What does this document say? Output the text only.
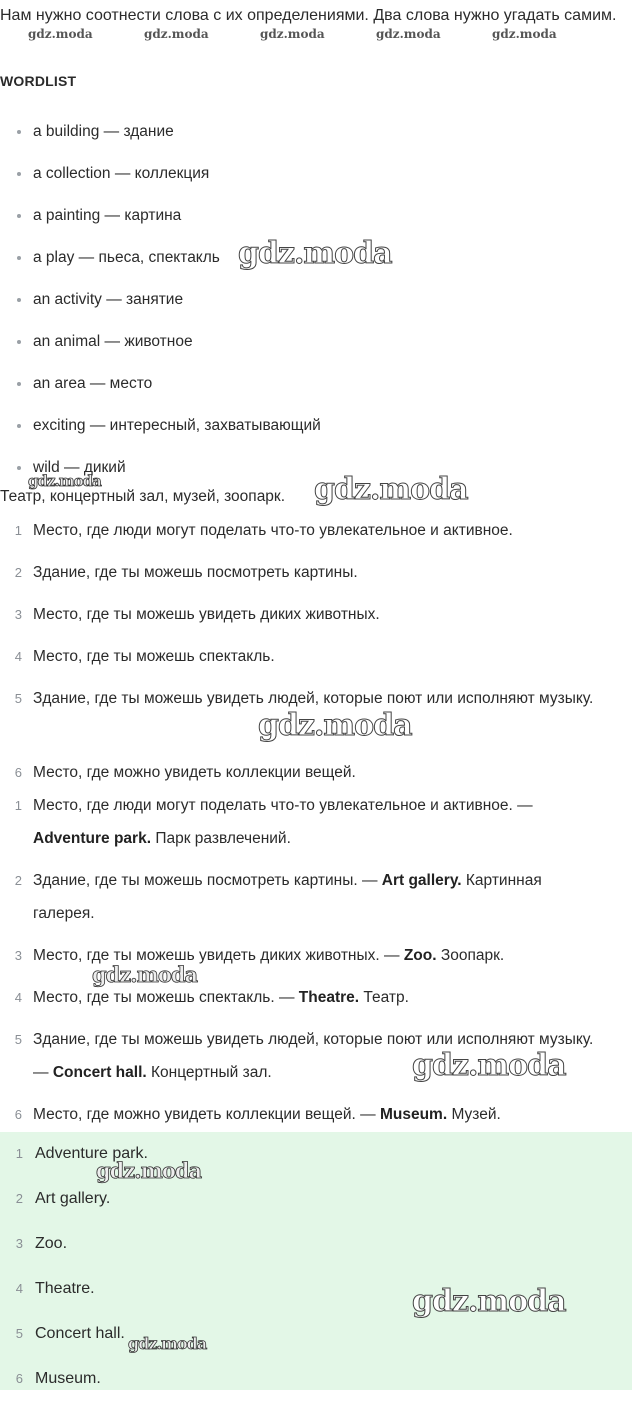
Нам нужно соотнести слова с их определениями. Два слова нужно угадать самим.
WORDLIST
a building — здание
a collection — коллекция
a painting — картина
a play — пьеса, спектакль
an activity — занятие
an animal — животное
an area — место
exciting — интересный, захватывающий
wild — дикий
Театр, концертный зал, музей, зоопарк.
1 Место, где люди могут поделать что-то увлекательное и активное.
2 Здание, где ты можешь посмотреть картины.
3 Место, где ты можешь увидеть диких животных.
4 Место, где ты можешь спектакль.
5 Здание, где ты можешь увидеть людей, которые поют или исполняют музыку.
6 Место, где можно увидеть коллекции вещей.
1 Место, где люди могут поделать что-то увлекательное и активное. — Adventure park. Парк развлечений.
2 Здание, где ты можешь посмотреть картины. — Art gallery. Картинная галерея.
3 Место, где ты можешь увидеть диких животных. — Zoo. Зоопарк.
4 Место, где ты можешь спектакль. — Theatre. Театр.
5 Здание, где ты можешь увидеть людей, которые поют или исполняют музыку. — Concert hall. Концертный зал.
6 Место, где можно увидеть коллекции вещей. — Museum. Музей.
1 Adventure park.
2 Art gallery.
3 Zoo.
4 Theatre.
5 Concert hall.
6 Museum.
gdz.moda	gdz.moda	gdz.moda	gdz.moda	gdz.moda
gdz.moda
gdz.moda	gdz.moda
gdz.moda
gdz.moda
gdz.moda
gdz.moda
gdz.moda
gdz.moda
